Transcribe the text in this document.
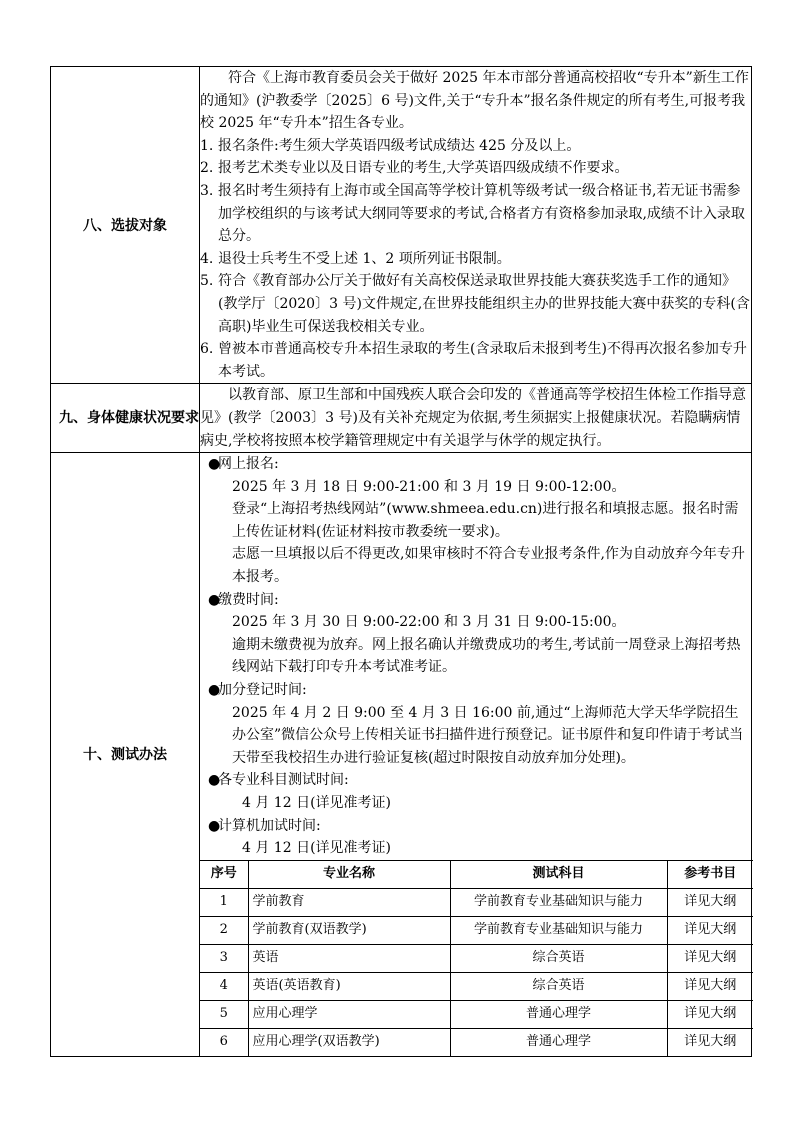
八、选拔对象	
符合《上海市教育委员会关于做好 2025 年本市部分普通高校招收“专升本”新生工作的通知》(沪教委学〔2025〕6 号)文件,关于“专升本”报名条件规定的所有考生,可报考我校 2025 年“专升本”招生各专业。
1. 报名条件:考生须大学英语四级考试成绩达 425 分及以上。
2. 报考艺术类专业以及日语专业的考生,大学英语四级成绩不作要求。
3. 报名时考生须持有上海市或全国高等学校计算机等级考试一级合格证书,若无证书需参加学校组织的与该考试大纲同等要求的考试,合格者方有资格参加录取,成绩不计入录取总分。
4. 退役士兵考生不受上述 1、2 项所列证书限制。
5. 符合《教育部办公厅关于做好有关高校保送录取世界技能大赛获奖选手工作的通知》(教学厅〔2020〕3 号)文件规定,在世界技能组织主办的世界技能大赛中获奖的专科(含高职)毕业生可保送我校相关专业。
6. 曾被本市普通高校专升本招生录取的考生(含录取后未报到考生)不得再次报名参加专升本考试。

九、身体健康状况要求	
以教育部、原卫生部和中国残疾人联合会印发的《普通高等学校招生体检工作指导意见》(教学〔2003〕3 号)及有关补充规定为依据,考生须据实上报健康状况。若隐瞒病情病史,学校将按照本校学籍管理规定中有关退学与休学的规定执行。

十、测试办法	
●
网上报名:
2025 年 3 月 18 日 9:00-21:00 和 3 月 19 日 9:00-12:00。
登录“上海招考热线网站”(www.shmeea.edu.cn)进行报名和填报志愿。报名时需上传佐证材料(佐证材料按市教委统一要求)。
志愿一旦填报以后不得更改,如果审核时不符合专业报考条件,作为自动放弃今年专升本报考。
●
缴费时间:
2025 年 3 月 30 日 9:00-22:00 和 3 月 31 日 9:00-15:00。
逾期未缴费视为放弃。网上报名确认并缴费成功的考生,考试前一周登录上海招考热线网站下载打印专升本考试准考证。
●
加分登记时间:
2025 年 4 月 2 日 9:00 至 4 月 3 日 16:00 前,通过“上海师范大学天华学院招生办公室”微信公众号上传相关证书扫描件进行预登记。证书原件和复印件请于考试当天带至我校招生办进行验证复核(超过时限按自动放弃加分处理)。
●
各专业科目测试时间:
4 月 12 日(详见准考证)
●
计算机加试时间:
4 月 12 日(详见准考证)
序号	专业名称	测试科目	参考书目
1	学前教育	学前教育专业基础知识与能力	详见大纲
2	学前教育(双语教学)	学前教育专业基础知识与能力	详见大纲
3	英语	综合英语	详见大纲
4	英语(英语教育)	综合英语	详见大纲
5	应用心理学	普通心理学	详见大纲
6	应用心理学(双语教学)	普通心理学	详见大纲
